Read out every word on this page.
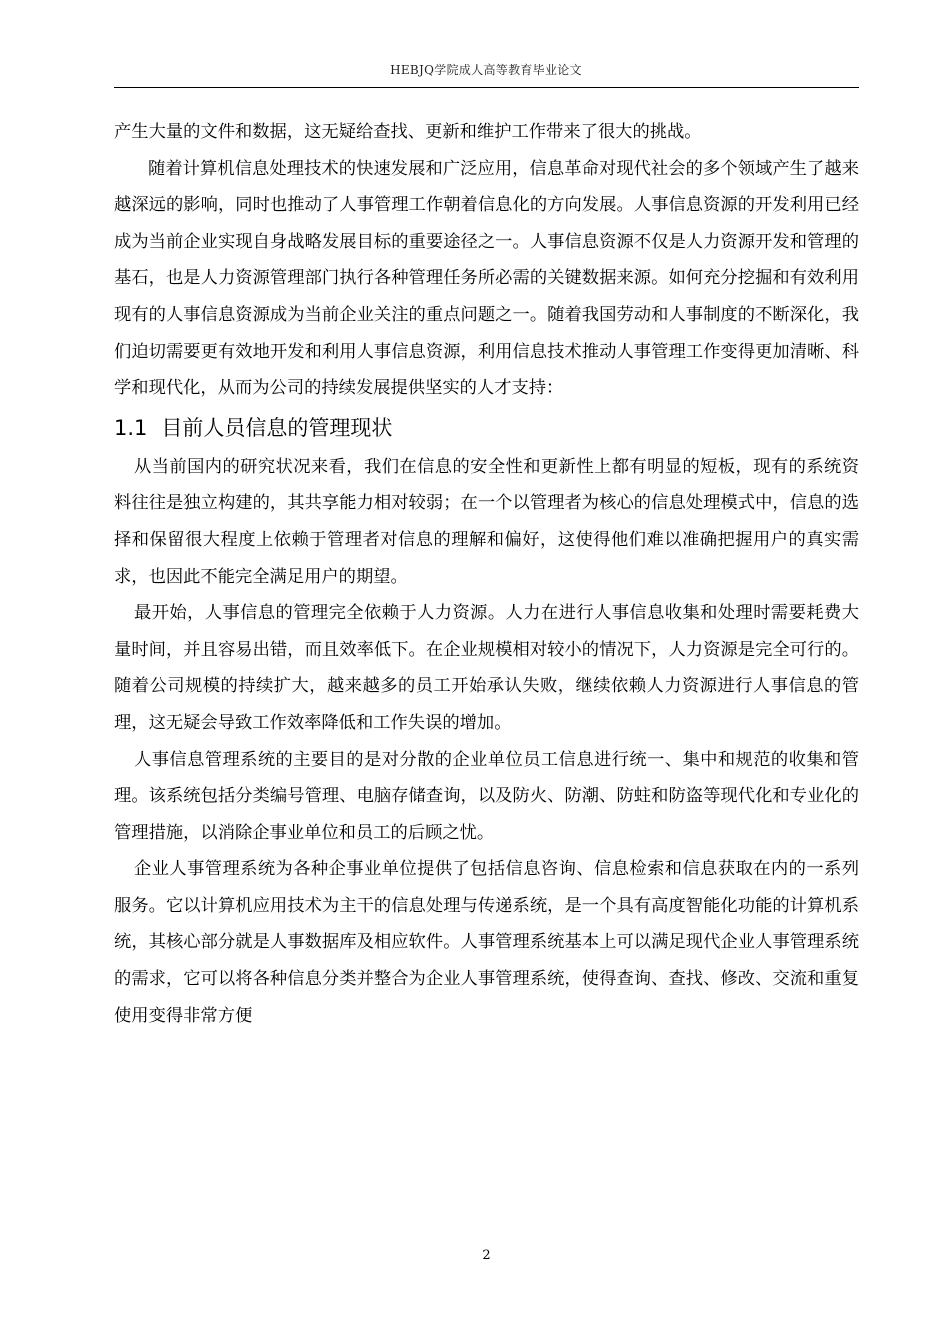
HEBJQ学院成人高等教育毕业论文

产生大量的文件和数据，这无疑给查找、更新和维护工作带来了很大的挑战。

随着计算机信息处理技术的快速发展和广泛应用，信息革命对现代社会的多个领域产生了越来越深远的影响，同时也推动了人事管理工作朝着信息化的方向发展。人事信息资源的开发利用已经成为当前企业实现自身战略发展目标的重要途径之一。人事信息资源不仅是人力资源开发和管理的基石，也是人力资源管理部门执行各种管理任务所必需的关键数据来源。如何充分挖掘和有效利用现有的人事信息资源成为当前企业关注的重点问题之一。随着我国劳动和人事制度的不断深化，我们迫切需要更有效地开发和利用人事信息资源，利用信息技术推动人事管理工作变得更加清晰、科学和现代化，从而为公司的持续发展提供坚实的人才支持：

1.1 目前人员信息的管理现状

从当前国内的研究状况来看，我们在信息的安全性和更新性上都有明显的短板，现有的系统资料往往是独立构建的，其共享能力相对较弱；在一个以管理者为核心的信息处理模式中，信息的选择和保留很大程度上依赖于管理者对信息的理解和偏好，这使得他们难以准确把握用户的真实需求，也因此不能完全满足用户的期望。

最开始，人事信息的管理完全依赖于人力资源。人力在进行人事信息收集和处理时需要耗费大量时间，并且容易出错，而且效率低下。在企业规模相对较小的情况下，人力资源是完全可行的。随着公司规模的持续扩大，越来越多的员工开始承认失败，继续依赖人力资源进行人事信息的管理，这无疑会导致工作效率降低和工作失误的增加。

人事信息管理系统的主要目的是对分散的企业单位员工信息进行统一、集中和规范的收集和管理。该系统包括分类编号管理、电脑存储查询，以及防火、防潮、防蛀和防盗等现代化和专业化的管理措施，以消除企事业单位和员工的后顾之忧。

企业人事管理系统为各种企事业单位提供了包括信息咨询、信息检索和信息获取在内的一系列服务。它以计算机应用技术为主干的信息处理与传递系统，是一个具有高度智能化功能的计算机系统，其核心部分就是人事数据库及相应软件。人事管理系统基本上可以满足现代企业人事管理系统的需求，它可以将各种信息分类并整合为企业人事管理系统，使得查询、查找、修改、交流和重复使用变得非常方便

2
